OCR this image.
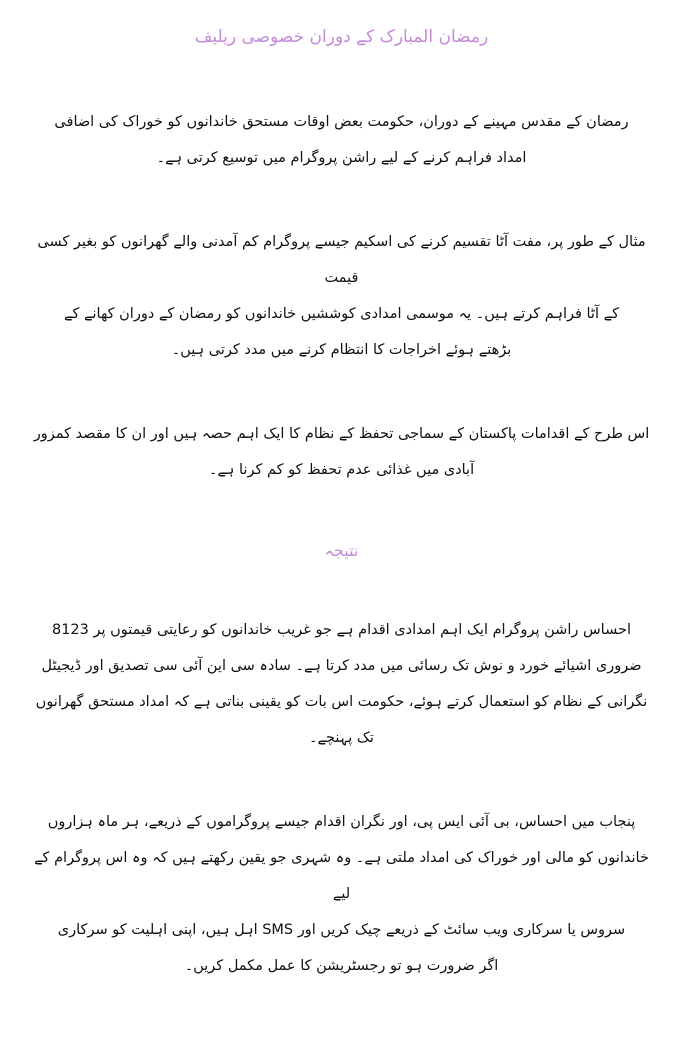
رمضان المبارک کے دوران خصوصی ریلیف
رمضان کے مقدس مہینے کے دوران، حکومت بعض اوقات مستحق خاندانوں کو خوراک کی اضافی
امداد فراہم کرنے کے لیے راشن پروگرام میں توسیع کرتی ہے۔
مثال کے طور پر، مفت آٹا تقسیم کرنے کی اسکیم جیسے پروگرام کم آمدنی والے گھرانوں کو بغیر کسی قیمت
کے آٹا فراہم کرتے ہیں۔ یہ موسمی امدادی کوششیں خاندانوں کو رمضان کے دوران کھانے کے
بڑھتے ہوئے اخراجات کا انتظام کرنے میں مدد کرتی ہیں۔
اس طرح کے اقدامات پاکستان کے سماجی تحفظ کے نظام کا ایک اہم حصہ ہیں اور ان کا مقصد کمزور
آبادی میں غذائی عدم تحفظ کو کم کرنا ہے۔
نتیجہ
احساس راشن پروگرام ایک اہم امدادی اقدام ہے جو غریب خاندانوں کو رعایتی قیمتوں پر 8123
ضروری اشیائے خورد و نوش تک رسائی میں مدد کرتا ہے۔ سادہ سی این آئی سی تصدیق اور ڈیجیٹل
نگرانی کے نظام کو استعمال کرتے ہوئے، حکومت اس بات کو یقینی بناتی ہے کہ امداد مستحق گھرانوں
تک پہنچے۔
پنجاب میں احساس، بی آئی ایس پی، اور نگران اقدام جیسے پروگراموں کے ذریعے، ہر ماہ ہزاروں
خاندانوں کو مالی اور خوراک کی امداد ملتی ہے۔ وہ شہری جو یقین رکھتے ہیں کہ وہ اس پروگرام کے لیے
سروس یا سرکاری ویب سائٹ کے ذریعے چیک کریں اور SMS اہل ہیں، اپنی اہلیت کو سرکاری
اگر ضرورت ہو تو رجسٹریشن کا عمل مکمل کریں۔
